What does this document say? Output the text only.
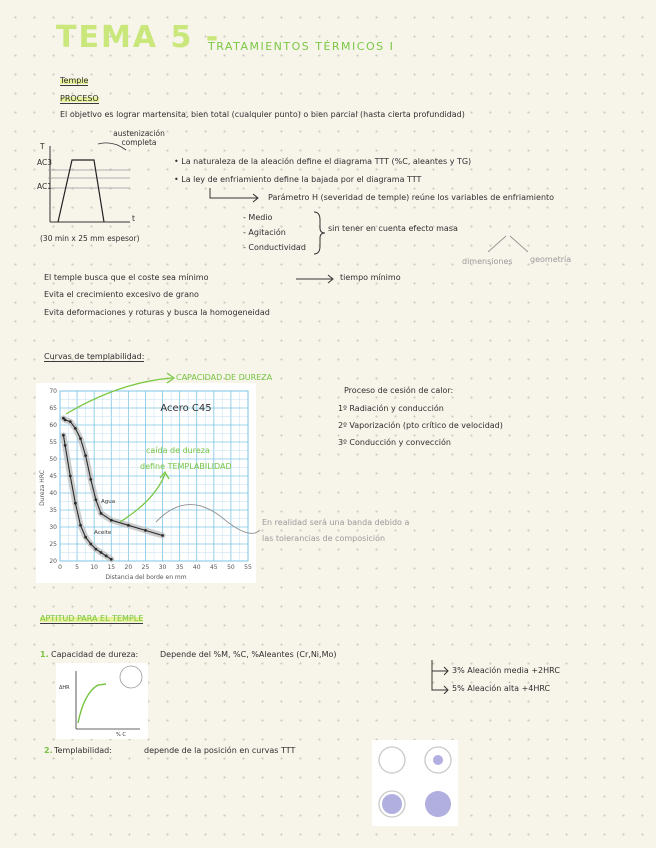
TEMA 5 -
TRATAMIENTOS TÉRMICOS I
Temple
PROCESO
El objetivo es lograr martensita, bien total (cualquier punto) o bien parcial (hasta cierta profundidad)
austenización completa
T
AC3
AC1
t
(30 min x 25 mm espesor)
• La naturaleza de la aleación define el diagrama TTT (%C, aleantes y TG)
• La ley de enfriamiento define la bajada por el diagrama TTT
Parámetro H (severidad de temple) reúne los variables de enfriamiento
- Medio
- Agitación
- Conductividad
sin tener en cuenta efecto masa
dimensiones geometría
El temple busca que el coste sea mínimo	tiempo mínimo
Evita el crecimiento excesivo de grano
Evita deformaciones y roturas y busca la homogeneidad
Curvas de templabilidad:
0 5 10 15 20 25 30 35 40 45 50 55
20
25
30
35
40
45
50
55
60
65
70
Acero C45
Distancia del borde en mm
Dureza HRC	Agua
Aceite
CAPACIDAD DE DUREZA
caída de dureza
define TEMPLABILIDAD
En realidad será una banda debido a
las tolerancias de composición
Proceso de cesión de calor:
1º Radiación y conducción
2º Vaporización (pto crítico de velocidad)
3º Conducción y convección
APTITUD PARA EL TEMPLE
1. Capacidad de dureza:	Depende del %M, %C, %Aleantes (Cr,Ni,Mo)
3% Aleación media +2HRC
5% Aleación alta +4HRC
ΔHR
% C
2. Templabilidad:	depende de la posición en curvas TTT
